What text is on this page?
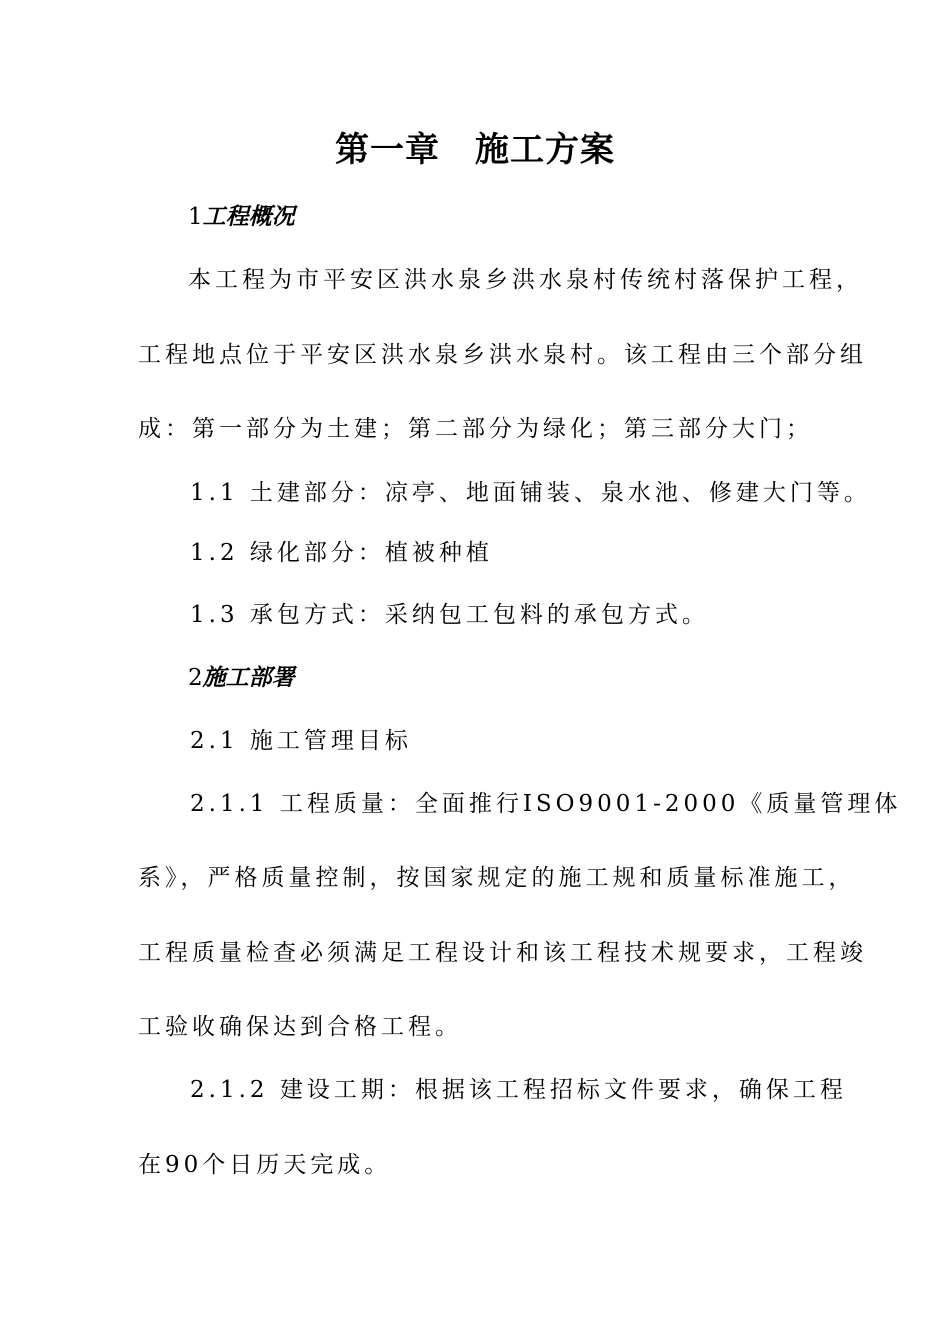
第一章　施工方案
1工程概况
本工程为市平安区洪水泉乡洪水泉村传统村落保护工程，
工程地点位于平安区洪水泉乡洪水泉村。该工程由三个部分组
成：第一部分为土建；第二部分为绿化；第三部分大门；
1.1 土建部分：凉亭、地面铺装、泉水池、修建大门等。
1.2 绿化部分：植被种植
1.3 承包方式：采纳包工包料的承包方式。
2施工部署
2.1 施工管理目标
2.1.1 工程质量：全面推行ISO9001-2000《质量管理体
系》，严格质量控制，按国家规定的施工规和质量标准施工，
工程质量检查必须满足工程设计和该工程技术规要求，工程竣
工验收确保达到合格工程。
2.1.2 建设工期：根据该工程招标文件要求，确保工程
在90个日历天完成。
